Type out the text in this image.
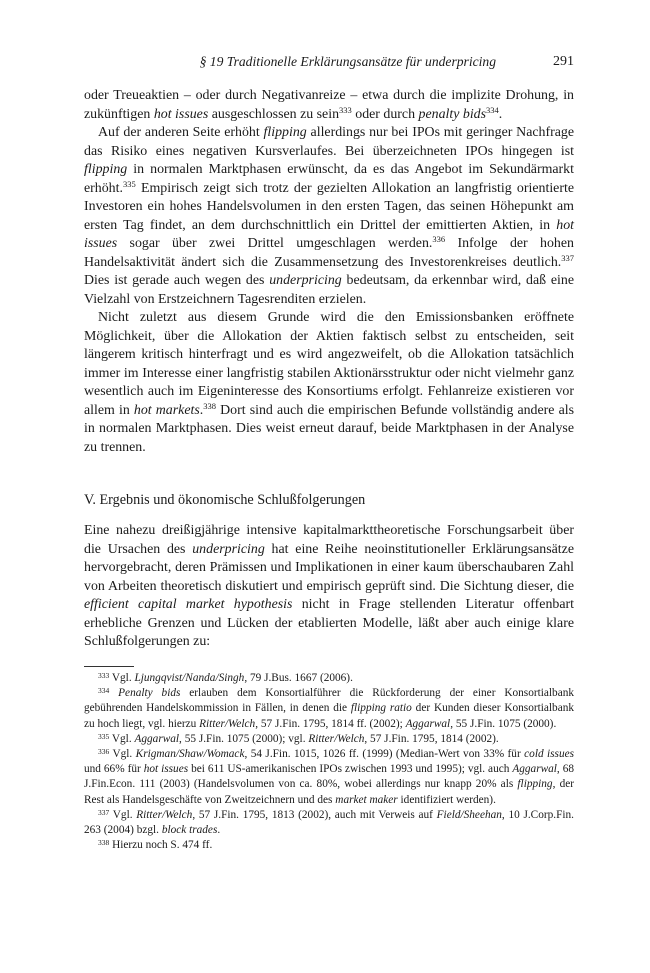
§ 19 Traditionelle Erklärungsansätze für underpricing	291

oder Treueaktien – oder durch Negativanreize – etwa durch die implizite Drohung, in zukünftigen hot issues ausgeschlossen zu sein$^{333}$ oder durch penalty bids$^{334}$.

Auf der anderen Seite erhöht flipping allerdings nur bei IPOs mit geringer Nachfrage das Risiko eines negativen Kursverlaufes. Bei überzeichneten IPOs hingegen ist flipping in normalen Marktphasen erwünscht, da es das Angebot im Sekundärmarkt erhöht.$^{335}$ Empirisch zeigt sich trotz der gezielten Allokation an langfristig orientierte Investoren ein hohes Handelsvolumen in den ersten Tagen, das seinen Höhepunkt am ersten Tag findet, an dem durchschnittlich ein Drittel der emittierten Aktien, in hot issues sogar über zwei Drittel umgeschlagen werden.$^{336}$ Infolge der hohen Handelsaktivität ändert sich die Zusammensetzung des Investorenkreises deutlich.$^{337}$ Dies ist gerade auch wegen des underpricing bedeutsam, da erkennbar wird, daß eine Vielzahl von Erstzeichnern Tagesrenditen erzielen.

Nicht zuletzt aus diesem Grunde wird die den Emissionsbanken eröffnete Möglichkeit, über die Allokation der Aktien faktisch selbst zu entscheiden, seit längerem kritisch hinterfragt und es wird angezweifelt, ob die Allokation tatsächlich immer im Interesse einer langfristig stabilen Aktionärsstruktur oder nicht vielmehr ganz wesentlich auch im Eigeninteresse des Konsortiums erfolgt. Fehlanreize existieren vor allem in hot markets.$^{338}$ Dort sind auch die empirischen Befunde vollständig andere als in normalen Marktphasen. Dies weist erneut darauf, beide Marktphasen in der Analyse zu trennen.

V. Ergebnis und ökonomische Schlußfolgerungen

Eine nahezu dreißigjährige intensive kapitalmarkttheoretische Forschungsarbeit über die Ursachen des underpricing hat eine Reihe neoinstitutioneller Erklärungsansätze hervorgebracht, deren Prämissen und Implikationen in einer kaum überschaubaren Zahl von Arbeiten theoretisch diskutiert und empirisch geprüft sind. Die Sichtung dieser, die efficient capital market hypothesis nicht in Frage stellenden Literatur offenbart erhebliche Grenzen und Lücken der etablierten Modelle, läßt aber auch einige klare Schlußfolgerungen zu:

$^{333}$ Vgl. Ljungqvist/Nanda/Singh, 79 J.Bus. 1667 (2006).

$^{334}$ Penalty bids erlauben dem Konsortialführer die Rückforderung der einer Konsortialbank gebührenden Handelskommission in Fällen, in denen die flipping ratio der Kunden dieser Konsortialbank zu hoch liegt, vgl. hierzu Ritter/Welch, 57 J.Fin. 1795, 1814 ff. (2002); Aggarwal, 55 J.Fin. 1075 (2000).

$^{335}$ Vgl. Aggarwal, 55 J.Fin. 1075 (2000); vgl. Ritter/Welch, 57 J.Fin. 1795, 1814 (2002).

$^{336}$ Vgl. Krigman/Shaw/Womack, 54 J.Fin. 1015, 1026 ff. (1999) (Median-Wert von 33% für cold issues und 66% für hot issues bei 611 US-amerikanischen IPOs zwischen 1993 und 1995); vgl. auch Aggarwal, 68 J.Fin.Econ. 111 (2003) (Handelsvolumen von ca. 80%, wobei allerdings nur knapp 20% als flipping, der Rest als Handelsgeschäfte von Zweitzeichnern und des market maker identifiziert werden).

$^{337}$ Vgl. Ritter/Welch, 57 J.Fin. 1795, 1813 (2002), auch mit Verweis auf Field/Sheehan, 10 J.Corp.Fin. 263 (2004) bzgl. block trades.

$^{338}$ Hierzu noch S. 474 ff.
